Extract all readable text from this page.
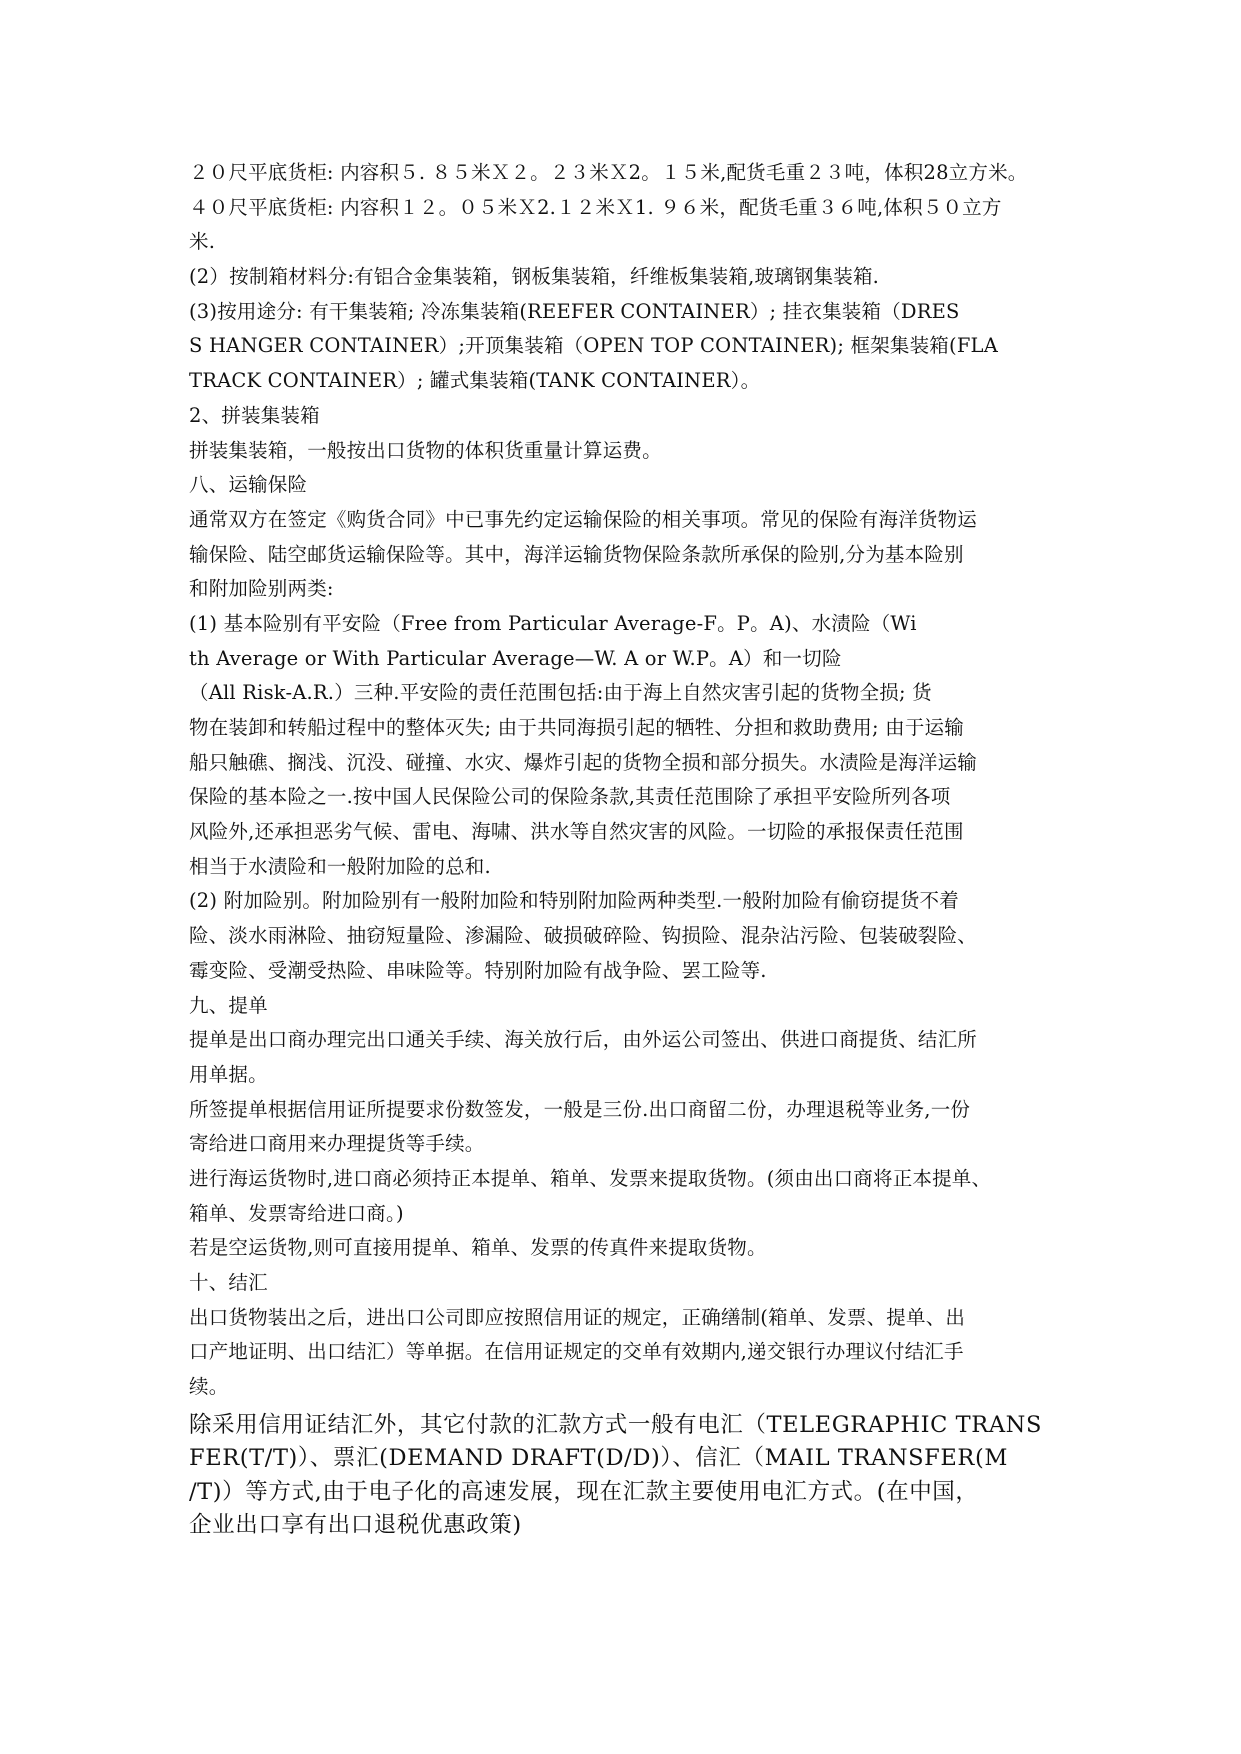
２０尺平底货柜: 内容积５. ８５米Ｘ２。２３米Ｘ2。１５米,配货毛重２３吨，体积28立方米。
４０尺平底货柜: 内容积１２。０５米Ｘ2.１２米Ｘ1. ９６米，配货毛重３６吨,体积５０立方
米.
(2）按制箱材料分:有铝合金集装箱，钢板集装箱，纤维板集装箱,玻璃钢集装箱.
(3)按用途分: 有干集装箱; 冷冻集装箱(REEFER CONTAINER）; 挂衣集装箱（DRES
S HANGER CONTAINER）;开顶集装箱（OPEN TOP CONTAINER); 框架集装箱(FLA
TRACK CONTAINER）; 罐式集装箱(TANK CONTAINER）。
2、拼装集装箱
拼装集装箱，一般按出口货物的体积货重量计算运费。
八、运输保险
通常双方在签定《购货合同》中已事先约定运输保险的相关事项。常见的保险有海洋货物运
输保险、陆空邮货运输保险等。其中，海洋运输货物保险条款所承保的险别,分为基本险别
和附加险别两类:
(1) 基本险别有平安险（Free from Particular Average-F。P。A)、水渍险（Wi
th Average or With Particular Average—W. A or W.P。A）和一切险
（All Risk-A.R.）三种.平安险的责任范围包括:由于海上自然灾害引起的货物全损; 货
物在装卸和转船过程中的整体灭失; 由于共同海损引起的牺牲、分担和救助费用; 由于运输
船只触礁、搁浅、沉没、碰撞、水灾、爆炸引起的货物全损和部分损失。水渍险是海洋运输
保险的基本险之一.按中国人民保险公司的保险条款,其责任范围除了承担平安险所列各项
风险外,还承担恶劣气候、雷电、海啸、洪水等自然灾害的风险。一切险的承报保责任范围
相当于水渍险和一般附加险的总和.
(2) 附加险别。附加险别有一般附加险和特别附加险两种类型.一般附加险有偷窃提货不着
险、淡水雨淋险、抽窃短量险、渗漏险、破损破碎险、钩损险、混杂沾污险、包装破裂险、
霉变险、受潮受热险、串味险等。特别附加险有战争险、罢工险等.
九、提单
提单是出口商办理完出口通关手续、海关放行后，由外运公司签出、供进口商提货、结汇所
用单据。
所签提单根据信用证所提要求份数签发，一般是三份.出口商留二份，办理退税等业务,一份
寄给进口商用来办理提货等手续。
进行海运货物时,进口商必须持正本提单、箱单、发票来提取货物。(须由出口商将正本提单、
箱单、发票寄给进口商。)
若是空运货物,则可直接用提单、箱单、发票的传真件来提取货物。
十、结汇
出口货物装出之后，进出口公司即应按照信用证的规定，正确缮制(箱单、发票、提单、出
口产地证明、出口结汇）等单据。在信用证规定的交单有效期内,递交银行办理议付结汇手
续。
除采用信用证结汇外，其它付款的汇款方式一般有电汇（TELEGRAPHIC TRANS
FER(T/T)）、票汇(DEMAND DRAFT(D/D)）、信汇（MAIL TRANSFER(M
/T)）等方式,由于电子化的高速发展，现在汇款主要使用电汇方式。(在中国，
企业出口享有出口退税优惠政策)
